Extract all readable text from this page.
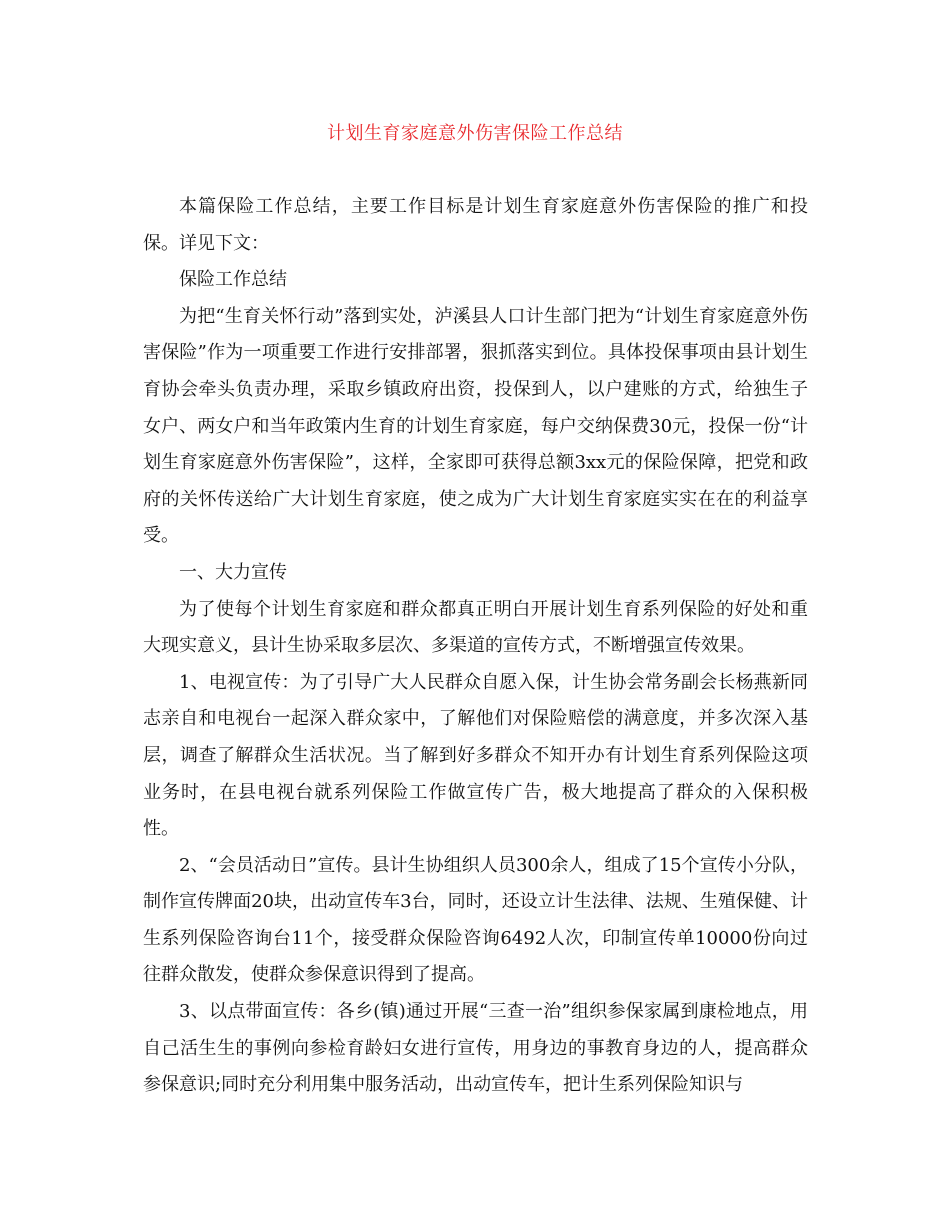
计划生育家庭意外伤害保险工作总结

本篇保险工作总结，主要工作目标是计划生育家庭意外伤害保险的推广和投保。详见下文：

保险工作总结

为把“生育关怀行动”落到实处，泸溪县人口计生部门把为“计划生育家庭意外伤害保险”作为一项重要工作进行安排部署，狠抓落实到位。具体投保事项由县计划生育协会牵头负责办理，采取乡镇政府出资，投保到人，以户建账的方式，给独生子女户、两女户和当年政策内生育的计划生育家庭，每户交纳保费30元，投保一份“计划生育家庭意外伤害保险”，这样，全家即可获得总额3xx元的保险保障，把党和政府的关怀传送给广大计划生育家庭，使之成为广大计划生育家庭实实在在的利益享受。

一、大力宣传

为了使每个计划生育家庭和群众都真正明白开展计划生育系列保险的好处和重大现实意义，县计生协采取多层次、多渠道的宣传方式，不断增强宣传效果。

1、电视宣传：为了引导广大人民群众自愿入保，计生协会常务副会长杨燕新同志亲自和电视台一起深入群众家中，了解他们对保险赔偿的满意度，并多次深入基层，调查了解群众生活状况。当了解到好多群众不知开办有计划生育系列保险这项业务时，在县电视台就系列保险工作做宣传广告，极大地提高了群众的入保积极性。

2、“会员活动日”宣传。县计生协组织人员300余人，组成了15个宣传小分队，制作宣传牌面20块，出动宣传车3台，同时，还设立计生法律、法规、生殖保健、计生系列保险咨询台11个，接受群众保险咨询6492人次，印制宣传单10000份向过往群众散发，使群众参保意识得到了提高。

3、以点带面宣传：各乡(镇)通过开展“三查一治”组织参保家属到康检地点，用自己活生生的事例向参检育龄妇女进行宣传，用身边的事教育身边的人，提高群众参保意识;同时充分利用集中服务活动，出动宣传车，把计生系列保险知识与
